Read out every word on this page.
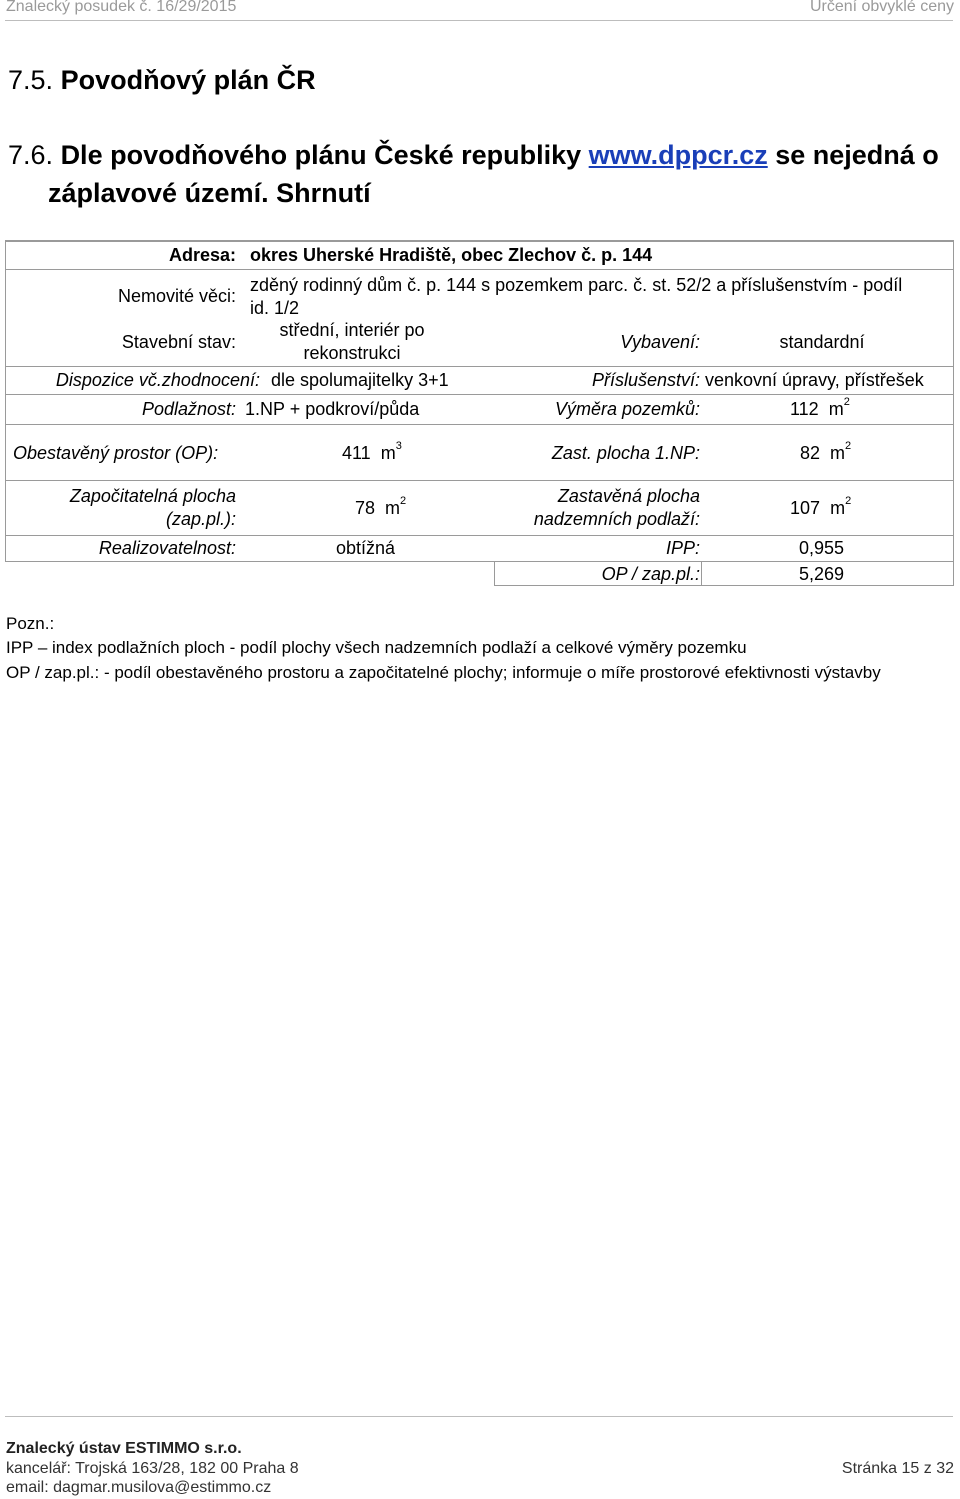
Znalecký posudek č. 16/29/2015	Určení obvyklé ceny
7.5. Povodňový plán ČR
7.6. Dle povodňového plánu České republiky www.dppcr.cz se nejedná o
záplavové území. Shrnutí
Adresa: okres Uherské Hradiště, obec Zlechov č. p. 144
Nemovité věci:
zděný rodinný dům č. p. 144 s pozemkem parc. č. st. 52/2 a příslušenstvím - podíl
id. 1/2
Stavební stav:
střední, interiér po
rekonstrukci
Vybavení:	standardní
Dispozice vč.zhodnocení: dle spolumajitelky 3+1	Příslušenství: venkovní úpravy, přístřešek
Podlažnost: 1.NP + podkroví/půda	Výměra pozemků:	112 $m^2$
Obestavěný prostor (OP):	411 $m^3$	Zast. plocha 1.NP:	82 $m^2$
Započitatelná plocha
(zap.pl.):
78 $m^2$	Zastavěná plocha
nadzemních podlaží:
107 $m^2$
Realizovatelnost:	obtížná	IPP:	0,955
OP / zap.pl.:	5,269
Pozn.:
IPP – index podlažních ploch - podíl plochy všech nadzemních podlaží a celkové výměry pozemku
OP / zap.pl.: - podíl obestavěného prostoru a započitatelné plochy; informuje o míře prostorové efektivnosti výstavby
Znalecký ústav ESTIMMO s.r.o.
kancelář: Trojská 163/28, 182 00 Praha 8
email: dagmar.musilova@estimmo.cz
Stránka 15 z 32
